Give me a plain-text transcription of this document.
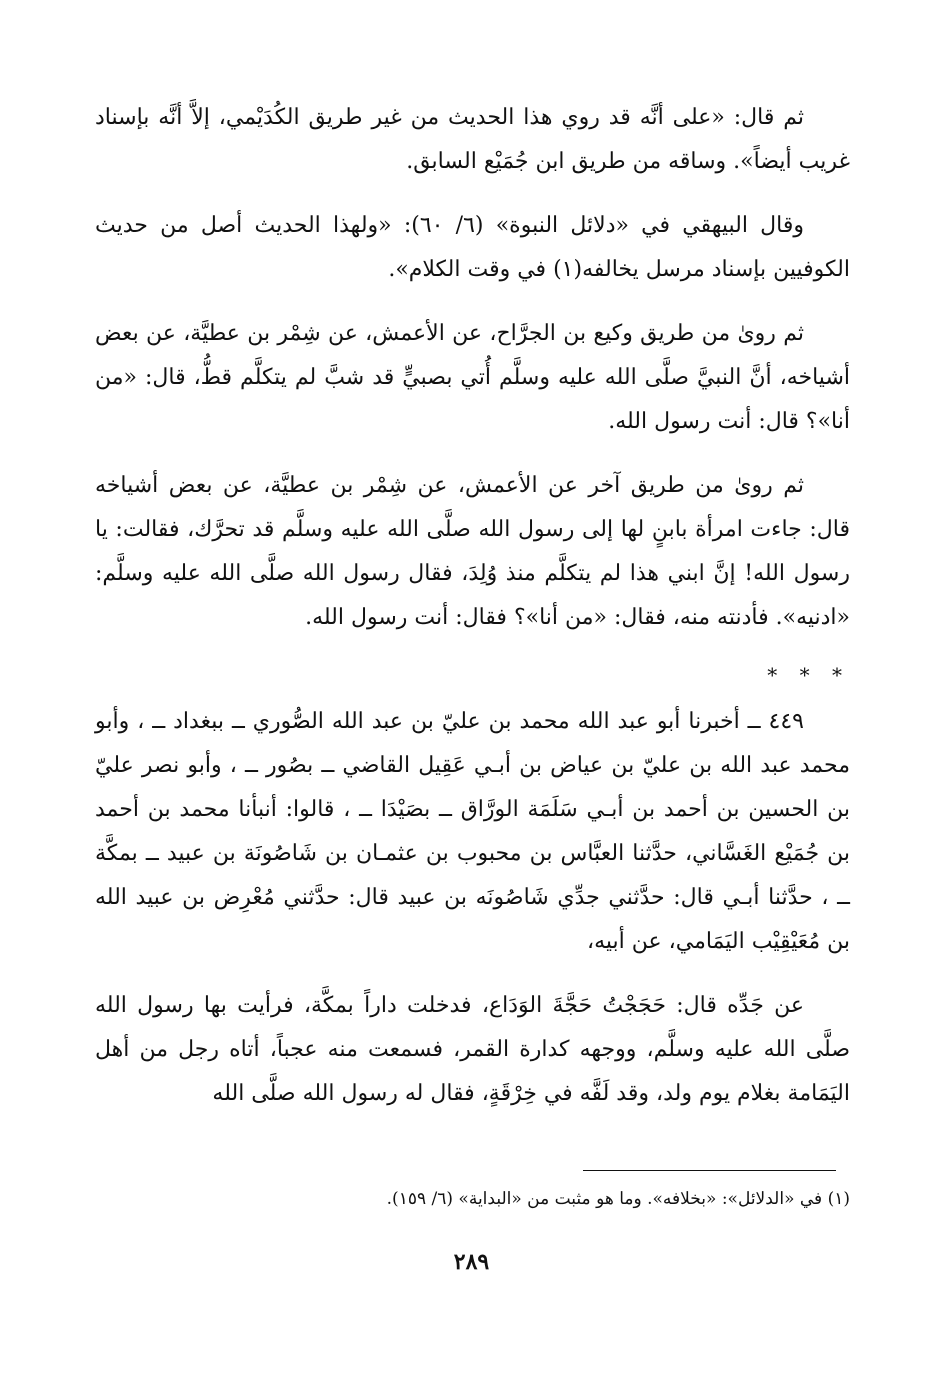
ثم قال: «على أنَّه قد روي هذا الحديث من غير طريق الكُدَيْمي، إلاَّ أنَّه بإسناد غريب أيضاً». وساقه من طريق ابن جُمَيْع السابق.

وقال البيهقي في «دلائل النبوة» (٦/ ٦٠): «ولهذا الحديث أصل من حديث الكوفيين بإسناد مرسل يخالفه(١) في وقت الكلام».

ثم روىٰ من طريق وكيع بن الجرَّاح، عن الأعمش، عن شِمْر بن عطيَّة، عن بعض أشياخه، أنَّ النبيَّ صلَّى الله عليه وسلَّم أُتي بصبيٍّ قد شبَّ لم يتكلَّم قطُّ، قال: «من أنا»؟ قال: أنت رسول الله.

ثم روىٰ من طريق آخر عن الأعمش، عن شِمْر بن عطيَّة، عن بعض أشياخه قال: جاءت امرأة بابنٍ لها إلى رسول الله صلَّى الله عليه وسلَّم قد تحرَّك، فقالت: يا رسول الله! إنَّ ابني هذا لم يتكلَّم منذ وُلِدَ، فقال رسول الله صلَّى الله عليه وسلَّم: «ادنيه». فأدنته منه، فقال: «من أنا»؟ فقال: أنت رسول الله.

* * *

٤٤٩ ــ أخبرنا أبو عبد الله محمد بن عليّ بن عبد الله الصُّوري ــ ببغداد ــ ، وأبو محمد عبد الله بن عليّ بن عياض بن أبـي عَقِيل القاضي ــ بصُور ــ ، وأبو نصر عليّ بن الحسين بن أحمد بن أبـي سَلَمَة الورَّاق ــ بصَيْدَا ــ ، قالوا: أنبأنا محمد بن أحمد بن جُمَيْع الغَسَّاني، حدَّثنا العبَّاس بن محبوب بن عثمـان بن شَاصُونَة بن عبيد ــ بمكَّة ــ ، حدَّثنا أبـي قال: حدَّثني جدِّي شَاصُونَه بن عبيد قال: حدَّثني مُعْرِض بن عبيد الله بن مُعَيْقِيْب اليَمَامي، عن أبيه،

عن جَدِّه قال: حَجَجْتُ حَجَّةَ الوَدَاع، فدخلت داراً بمكَّة، فرأيت بها رسول الله صلَّى الله عليه وسلَّم، ووجهه كدارة القمر، فسمعت منه عجباً، أتاه رجل من أهل اليَمَامة بغلام يوم ولد، وقد لَفَّه في خِرْقَةٍ، فقال له رسول الله صلَّى الله

(١) في «الدلائل»: «بخلافه». وما هو مثبت من «البداية» (٦/ ١٥٩).
٢٨٩
